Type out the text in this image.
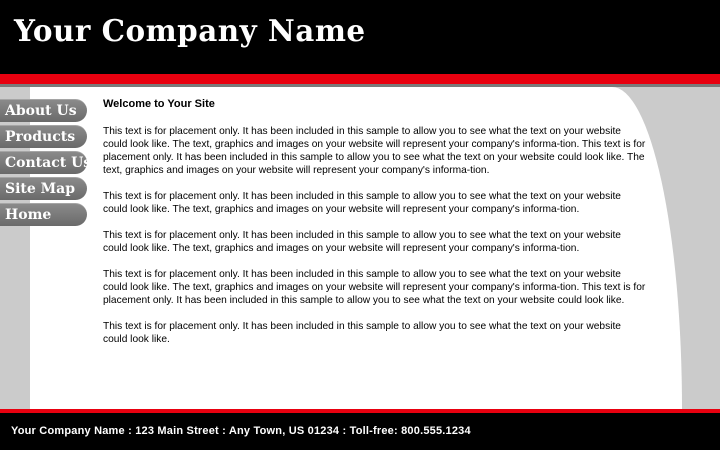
Your Company Name
About Us
Products
Contact Us
Site Map
Home
Welcome to Your Site

This text is for placement only. It has been included in this sample to allow you to see what the text on your website could look like. The text, graphics and images on your website will represent your company's informa-tion. This text is for placement only. It has been included in this sample to allow you to see what the text on your website could look like. The text, graphics and images on your website will represent your company's informa-tion.

This text is for placement only. It has been included in this sample to allow you to see what the text on your website could look like. The text, graphics and images on your website will represent your company's informa-tion.

This text is for placement only. It has been included in this sample to allow you to see what the text on your website could look like. The text, graphics and images on your website will represent your company's informa-tion.

This text is for placement only. It has been included in this sample to allow you to see what the text on your website could look like. The text, graphics and images on your website will represent your company's informa-tion. This text is for placement only. It has been included in this sample to allow you to see what the text on your website could look like.

This text is for placement only. It has been included in this sample to allow you to see what the text on your website could look like.

Your Company Name : 123 Main Street : Any Town, US 01234 : Toll-free: 800.555.1234
